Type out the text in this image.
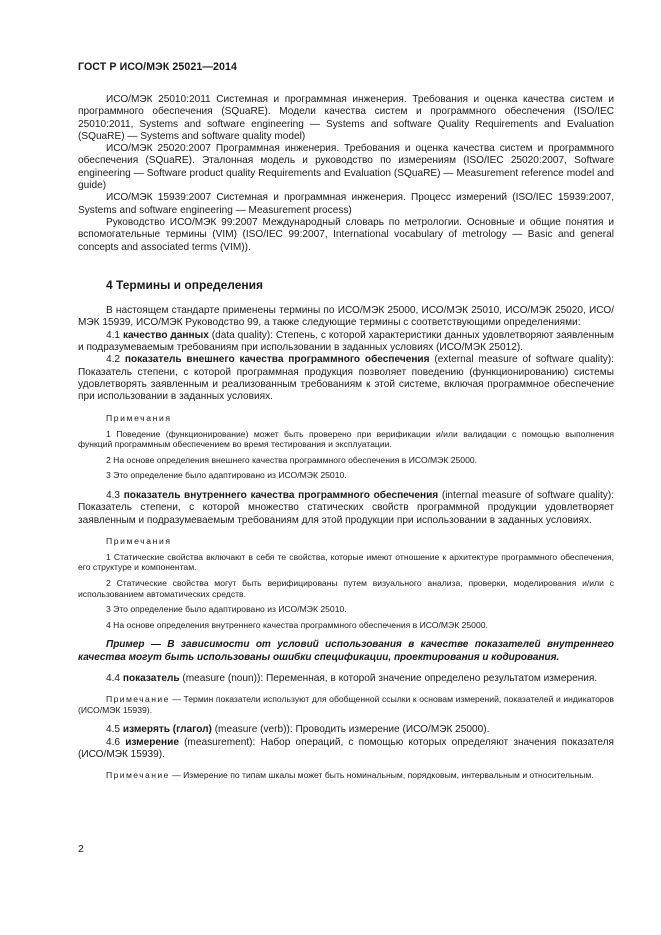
ГОСТ Р ИСО/МЭК 25021—2014

ИСО/МЭК 25010:2011 Системная и программная инженерия. Требования и оценка качества систем и программного обеспечения (SQuaRE). Модели качества систем и программного обеспечения (ISO/IEC 25010:2011, Systems and software engineering — Systems and software Quality Requirements and Evaluation (SQuaRE) — Systems and software quality model)

ИСО/МЭК 25020:2007 Программная инженерия. Требования и оценка качества систем и программного обеспечения (SQuaRE). Эталонная модель и руководство по измерениям (ISO/IEC 25020:2007, Software engineering — Software product quality Requirements and Evaluation (SQuaRE) — Measurement reference model and guide)

ИСО/МЭК 15939:2007 Системная и программная инженерия. Процесс измерений (ISO/IEC 15939:2007, Systems and software engineering — Measurement process)

Руководство ИСО/МЭК 99:2007 Международный словарь по метрологии. Основные и общие понятия и вспомогательные термины (VIM) (ISO/IEC 99:2007, International vocabulary of metrology — Basic and general concepts and associated terms (VIM)).

4 Термины и определения

В настоящем стандарте применены термины по ИСО/МЭК 25000, ИСО/МЭК 25010, ИСО/МЭК 25020, ИСО/МЭК 15939, ИСО/МЭК Руководство 99, а также следующие термины с соответствующими определениями:

4.1 качество данных (data quality): Степень, с которой характеристики данных удовлетворяют заявленным и подразумеваемым требованиям при использовании в заданных условиях (ИСО/МЭК 25012).

4.2 показатель внешнего качества программного обеспечения (external measure of software quality): Показатель степени, с которой программная продукция позволяет поведению (функционированию) системы удовлетворять заявленным и реализованным требованиям к этой системе, включая программное обеспечение при использовании в заданных условиях.

Примечания

1 Поведение (функционирование) может быть проверено при верификации и/или валидации с помощью выполнения функций программным обеспечением во время тестирования и эксплуатации.

2 На основе определения внешнего качества программного обеспечения в ИСО/МЭК 25000.

3 Это определение было адаптировано из ИСО/МЭК 25010.

4.3 показатель внутреннего качества программного обеспечения (internal measure of software quality): Показатель степени, с которой множество статических свойств программной продукции удовлетворяет заявленным и подразумеваемым требованиям для этой продукции при использовании в заданных условиях.

Примечания

1 Статические свойства включают в себя те свойства, которые имеют отношение к архитектуре программного обеспечения, его структуре и компонентам.

2 Статические свойства могут быть верифицированы путем визуального анализа, проверки, моделирования и/или с использованием автоматических средств.

3 Это определение было адаптировано из ИСО/МЭК 25010.

4 На основе определения внутреннего качества программного обеспечения в ИСО/МЭК 25000.

Пример — В зависимости от условий использования в качестве показателей внутреннего качества могут быть использованы ошибки спецификации, проектирования и кодирования.

4.4 показатель (measure (noun)): Переменная, в которой значение определено результатом измерения.

Примечание — Термин показатели используют для обобщенной ссылки к основам измерений, показателей и индикаторов (ИСО/МЭК 15939).

4.5 измерять (глагол) (measure (verb)): Проводить измерение (ИСО/МЭК 25000).

4.6 измерение (measurement): Набор операций, с помощью которых определяют значения показателя (ИСО/МЭК 15939).

Примечание — Измерение по типам шкалы может быть номинальным, порядковым, интервальным и относительным.

2
